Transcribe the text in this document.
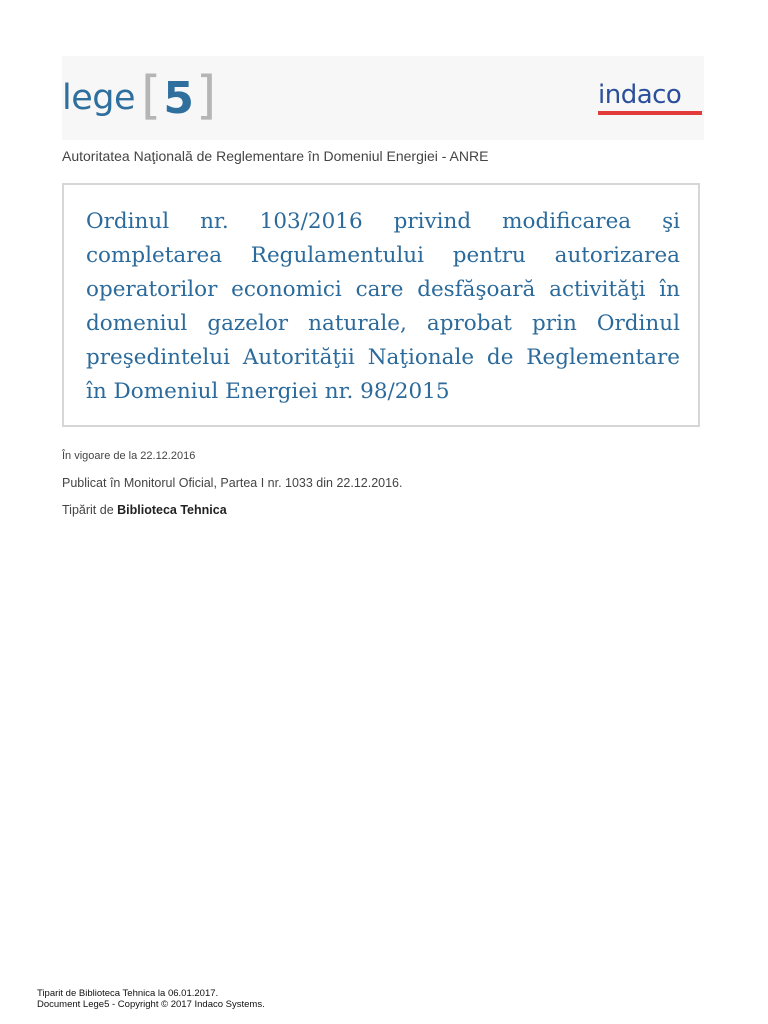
lege [ 5 ]	indaco
Autoritatea Naţională de Reglementare în Domeniul Energiei - ANRE

Ordinul nr. 103/2016 privind modificarea şi completarea Regulamentului pentru autorizarea operatorilor economici care desfăşoară activităţi în domeniul gazelor naturale, aprobat prin Ordinul preşedintelui Autorităţii Naţionale de Reglementare în Domeniul Energiei nr. 98/2015

În vigoare de la 22.12.2016
Publicat în Monitorul Oficial, Partea I nr. 1033 din 22.12.2016.
Tipărit de Biblioteca Tehnica
Tiparit de Biblioteca Tehnica la 06.01.2017.
Document Lege5 - Copyright © 2017 Indaco Systems.
